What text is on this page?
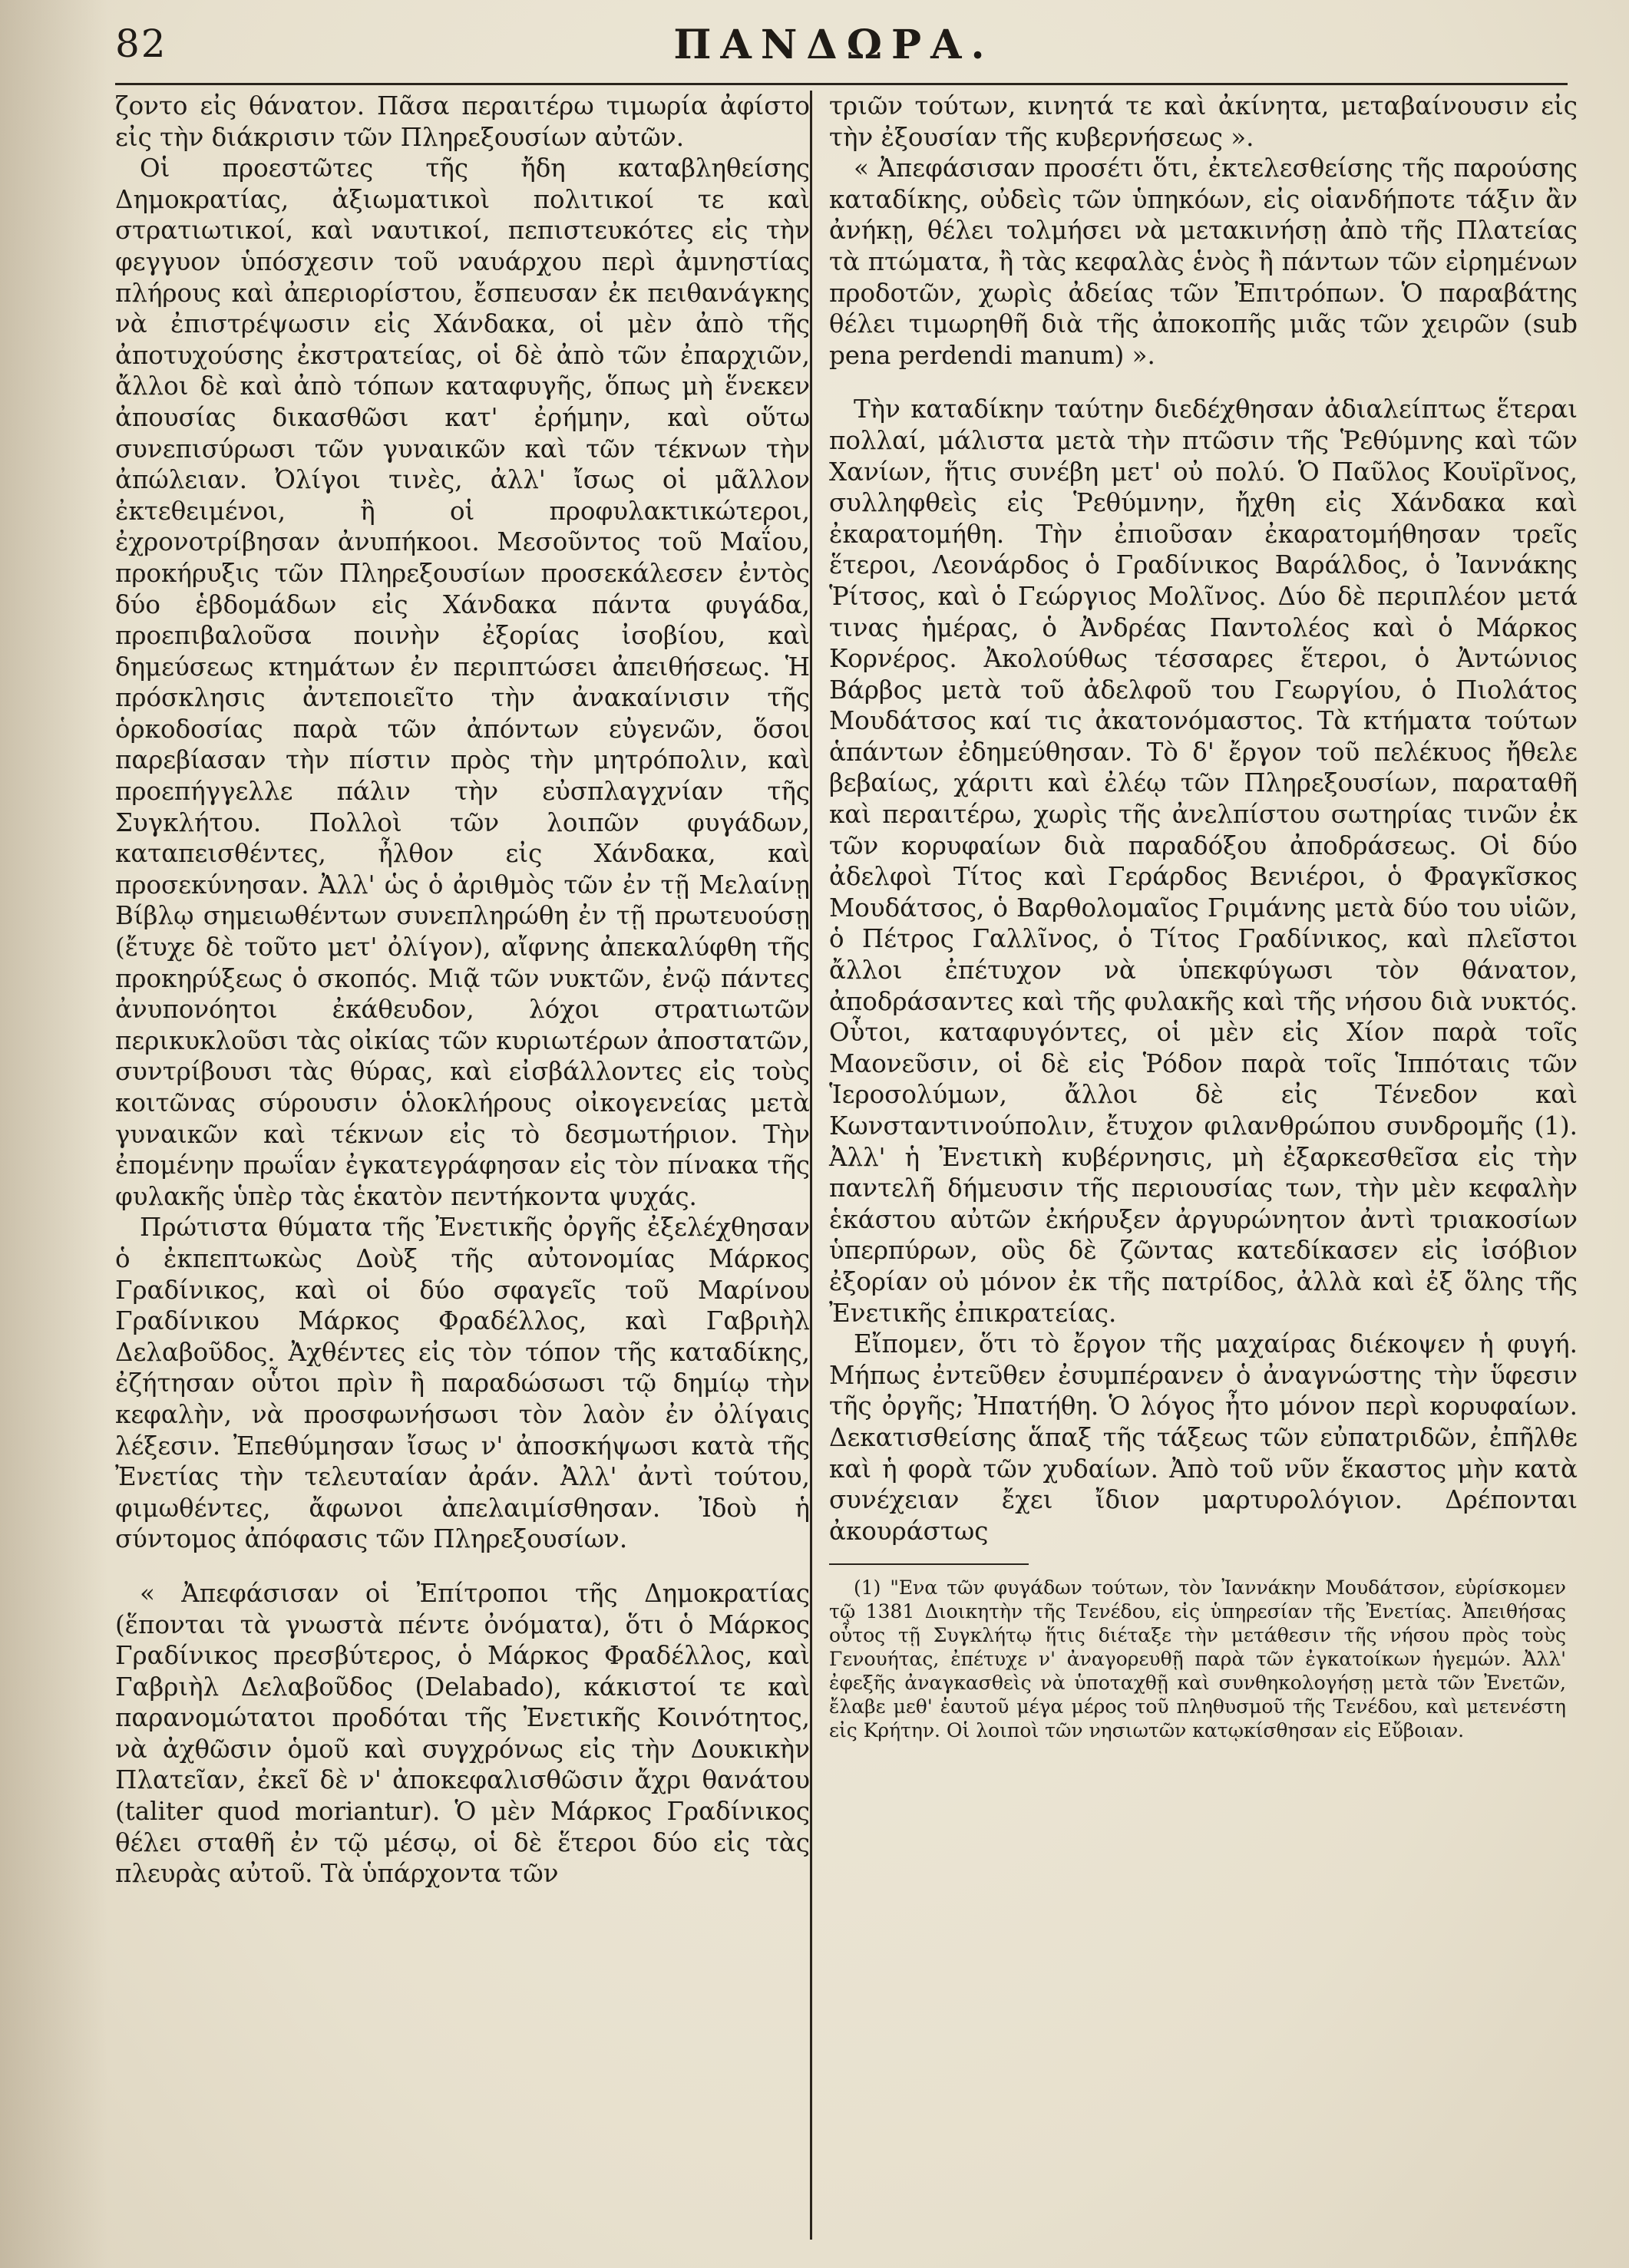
82	ΠΑΝΔΩΡΑ.

ζοντο εἰς θάνατον. Πᾶσα περαιτέρω τιμωρία ἀφίστο εἰς τὴν διάκρισιν τῶν Πληρεξουσίων αὐτῶν.

Οἱ προεστῶτες τῆς ἤδη καταβληθείσης Δημοκρατίας, ἀξιωματικοὶ πολιτικοί τε καὶ στρατιωτικοί, καὶ ναυτικοί, πεπιστευκότες εἰς τὴν φεγγυον ὑπόσχεσιν τοῦ ναυάρχου περὶ ἀμνηστίας πλήρους καὶ ἀπεριορίστου, ἔσπευσαν ἐκ πειθανάγκης νὰ ἐπιστρέψωσιν εἰς Χάνδακα, οἱ μὲν ἀπὸ τῆς ἀποτυχούσης ἐκστρατείας, οἱ δὲ ἀπὸ τῶν ἐπαρχιῶν, ἄλλοι δὲ καὶ ἀπὸ τόπων καταφυγῆς, ὅπως μὴ ἕνεκεν ἀπουσίας δικασθῶσι κατ' ἐρήμην, καὶ οὕτω συνεπισύρωσι τῶν γυναικῶν καὶ τῶν τέκνων τὴν ἀπώλειαν. Ὀλίγοι τινὲς, ἀλλ' ἴσως οἱ μᾶλλον ἐκτεθειμένοι, ἢ οἱ προφυλακτικώτεροι, ἐχρονοτρίβησαν ἀνυπήκοοι. Μεσοῦντος τοῦ Μαΐου, προκήρυξις τῶν Πληρεξουσίων προσεκάλεσεν ἐντὸς δύο ἑβδομάδων εἰς Χάνδακα πάντα φυγάδα, προεπιβαλοῦσα ποινὴν ἐξορίας ἰσοβίου, καὶ δημεύσεως κτημάτων ἐν περιπτώσει ἀπειθήσεως. Ἡ πρόσκλησις ἀντεποιεῖτο τὴν ἀνακαίνισιν τῆς ὁρκοδοσίας παρὰ τῶν ἀπόντων εὐγενῶν, ὅσοι παρεβίασαν τὴν πίστιν πρὸς τὴν μητρόπολιν, καὶ προεπήγγελλε πάλιν τὴν εὐσπλαγχνίαν τῆς Συγκλήτου. Πολλοὶ τῶν λοιπῶν φυγάδων, καταπεισθέντες, ἦλθον εἰς Χάνδακα, καὶ προσεκύνησαν. Ἀλλ' ὡς ὁ ἀριθμὸς τῶν ἐν τῇ Μελαίνῃ Βίβλῳ σημειωθέντων συνεπληρώθη ἐν τῇ πρωτευούσῃ (ἔτυχε δὲ τοῦτο μετ' ὀλίγον), αἴφνης ἀπεκαλύφθη τῆς προκηρύξεως ὁ σκοπός. Μιᾷ τῶν νυκτῶν, ἐνῷ πάντες ἀνυπονόητοι ἐκάθευδον, λόχοι στρατιωτῶν περικυκλοῦσι τὰς οἰκίας τῶν κυριωτέρων ἀποστατῶν, συντρίβουσι τὰς θύρας, καὶ εἰσβάλλοντες εἰς τοὺς κοιτῶνας σύρουσιν ὁλοκλήρους οἰκογενείας μετὰ γυναικῶν καὶ τέκνων εἰς τὸ δεσμωτήριον. Τὴν ἐπομένην πρωΐαν ἐγκατεγράφησαν εἰς τὸν πίνακα τῆς φυλακῆς ὑπὲρ τὰς ἑκατὸν πεντήκοντα ψυχάς.

Πρώτιστα θύματα τῆς Ἐνετικῆς ὀργῆς ἐξελέχθησαν ὁ ἐκπεπτωκὼς Δοὺξ τῆς αὐτονομίας Μάρκος Γραδίνικος, καὶ οἱ δύο σφαγεῖς τοῦ Μαρίνου Γραδίνικου Μάρκος Φραδέλλος, καὶ Γαβριὴλ Δελαβοῦδος. Ἀχθέντες εἰς τὸν τόπον τῆς καταδίκης, ἐζήτησαν οὗτοι πρὶν ἢ παραδώσωσι τῷ δημίῳ τὴν κεφαλὴν, νὰ προσφωνήσωσι τὸν λαὸν ἐν ὀλίγαις λέξεσιν. Ἐπεθύμησαν ἴσως ν' ἀποσκήψωσι κατὰ τῆς Ἐνετίας τὴν τελευταίαν ἀράν. Ἀλλ' ἀντὶ τούτου, φιμωθέντες, ἄφωνοι ἀπελαιμίσθησαν. Ἰδοὺ ἡ σύντομος ἀπόφασις τῶν Πληρεξουσίων.

« Ἀπεφάσισαν οἱ Ἐπίτροποι τῆς Δημοκρατίας (ἕπονται τὰ γνωστὰ πέντε ὀνόματα), ὅτι ὁ Μάρκος Γραδίνικος πρεσβύτερος, ὁ Μάρκος Φραδέλλος, καὶ Γαβριὴλ Δελαβοῦδος (Delabado), κάκιστοί τε καὶ παρανομώτατοι προδόται τῆς Ἐνετικῆς Κοινότητος, νὰ ἀχθῶσιν ὁμοῦ καὶ συγχρόνως εἰς τὴν Δουκικὴν Πλατεῖαν, ἐκεῖ δὲ ν' ἀποκεφαλισθῶσιν ἄχρι θανάτου (taliter quod moriantur). Ὁ μὲν Μάρκος Γραδίνικος θέλει σταθῆ ἐν τῷ μέσῳ, οἱ δὲ ἕτεροι δύο εἰς τὰς πλευρὰς αὐτοῦ. Τὰ ὑπάρχοντα τῶν

τριῶν τούτων, κινητά τε καὶ ἀκίνητα, μεταβαίνουσιν εἰς τὴν ἐξουσίαν τῆς κυβερνήσεως ».

« Ἀπεφάσισαν προσέτι ὅτι, ἐκτελεσθείσης τῆς παρούσης καταδίκης, οὐδεὶς τῶν ὑπηκόων, εἰς οἱανδήποτε τάξιν ἂν ἀνήκῃ, θέλει τολμήσει νὰ μετακινήσῃ ἀπὸ τῆς Πλατείας τὰ πτώματα, ἢ τὰς κεφαλὰς ἑνὸς ἢ πάντων τῶν εἰρημένων προδοτῶν, χωρὶς ἀδείας τῶν Ἐπιτρόπων. Ὁ παραβάτης θέλει τιμωρηθῆ διὰ τῆς ἀποκοπῆς μιᾶς τῶν χειρῶν (sub pena perdendi manum) ».

Τὴν καταδίκην ταύτην διεδέχθησαν ἀδιαλείπτως ἕτεραι πολλαί, μάλιστα μετὰ τὴν πτῶσιν τῆς Ῥεθύμνης καὶ τῶν Χανίων, ἥτις συνέβη μετ' οὐ πολύ. Ὁ Παῦλος Κουϊρῖνος, συλληφθεὶς εἰς Ῥεθύμνην, ἤχθη εἰς Χάνδακα καὶ ἐκαρατομήθη. Τὴν ἐπιοῦσαν ἐκαρατομήθησαν τρεῖς ἕτεροι, Λεονάρδος ὁ Γραδίνικος Βαράλδος, ὁ Ἰαννάκης Ῥίτσος, καὶ ὁ Γεώργιος Μολῖνος. Δύο δὲ περιπλέον μετά τινας ἡμέρας, ὁ Ἀνδρέας Παντολέος καὶ ὁ Μάρκος Κορνέρος. Ἀκολούθως τέσσαρες ἕτεροι, ὁ Ἀντώνιος Βάρβος μετὰ τοῦ ἀδελφοῦ του Γεωργίου, ὁ Πιολάτος Μουδάτσος καί τις ἀκατονόμαστος. Τὰ κτήματα τούτων ἁπάντων ἐδημεύθησαν. Τὸ δ' ἔργον τοῦ πελέκυος ἤθελε βεβαίως, χάριτι καὶ ἐλέῳ τῶν Πληρεξουσίων, παραταθῆ καὶ περαιτέρω, χωρὶς τῆς ἀνελπίστου σωτηρίας τινῶν ἐκ τῶν κορυφαίων διὰ παραδόξου ἀποδράσεως. Οἱ δύο ἀδελφοὶ Τίτος καὶ Γεράρδος Βενιέροι, ὁ Φραγκῖσκος Μουδάτσος, ὁ Βαρθολομαῖος Γριμάνης μετὰ δύο του υἱῶν, ὁ Πέτρος Γαλλῖνος, ὁ Τίτος Γραδίνικος, καὶ πλεῖστοι ἄλλοι ἐπέτυχον νὰ ὑπεκφύγωσι τὸν θάνατον, ἀποδράσαντες καὶ τῆς φυλακῆς καὶ τῆς νήσου διὰ νυκτός. Οὗτοι, καταφυγόντες, οἱ μὲν εἰς Χίον παρὰ τοῖς Μαονεῦσιν, οἱ δὲ εἰς Ῥόδον παρὰ τοῖς Ἱππόταις τῶν Ἱεροσολύμων, ἄλλοι δὲ εἰς Τένεδον καὶ Κωνσταντινούπολιν, ἔτυχον φιλανθρώπου συνδρομῆς (1). Ἀλλ' ἡ Ἐνετικὴ κυβέρνησις, μὴ ἐξαρκεσθεῖσα εἰς τὴν παντελῆ δήμευσιν τῆς περιουσίας των, τὴν μὲν κεφαλὴν ἑκάστου αὐτῶν ἐκήρυξεν ἀργυρώνητον ἀντὶ τριακοσίων ὑπερπύρων, οὓς δὲ ζῶντας κατεδίκασεν εἰς ἰσόβιον ἐξορίαν οὐ μόνον ἐκ τῆς πατρίδος, ἀλλὰ καὶ ἐξ ὅλης τῆς Ἐνετικῆς ἐπικρατείας.

Εἴπομεν, ὅτι τὸ ἔργον τῆς μαχαίρας διέκοψεν ἡ φυγή. Μήπως ἐντεῦθεν ἐσυμπέρανεν ὁ ἀναγνώστης τὴν ὕφεσιν τῆς ὀργῆς; Ἠπατήθη. Ὁ λόγος ἦτο μόνον περὶ κορυφαίων. Δεκατισθείσης ἅπαξ τῆς τάξεως τῶν εὐπατριδῶν, ἐπῆλθε καὶ ἡ φορὰ τῶν χυδαίων. Ἀπὸ τοῦ νῦν ἕκαστος μὴν κατὰ συνέχειαν ἔχει ἴδιον μαρτυρολόγιον. Δρέπονται ἀκουράστως

(1) "Ενα τῶν φυγάδων τούτων, τὸν Ἰαννάκην Μουδάτσον, εὑρίσκομεν τῷ 1381 Διοικητὴν τῆς Τενέδου, εἰς ὑπηρεσίαν τῆς Ἐνετίας. Ἀπειθήσας οὗτος τῇ Συγκλήτῳ ἥτις διέταξε τὴν μετάθεσιν τῆς νήσου πρὸς τοὺς Γενουήτας, ἐπέτυχε ν' ἀναγορευθῇ παρὰ τῶν ἐγκατοίκων ἡγεμών. Ἀλλ' ἐφεξῆς ἀναγκασθεὶς νὰ ὑποταχθῇ καὶ συνθηκολογήσῃ μετὰ τῶν Ἐνετῶν, ἔλαβε μεθ' ἑαυτοῦ μέγα μέρος τοῦ πληθυσμοῦ τῆς Τενέδου, καὶ μετενέστη εἰς Κρήτην. Οἱ λοιποὶ τῶν νησιωτῶν κατῳκίσθησαν εἰς Εὔβοιαν.
